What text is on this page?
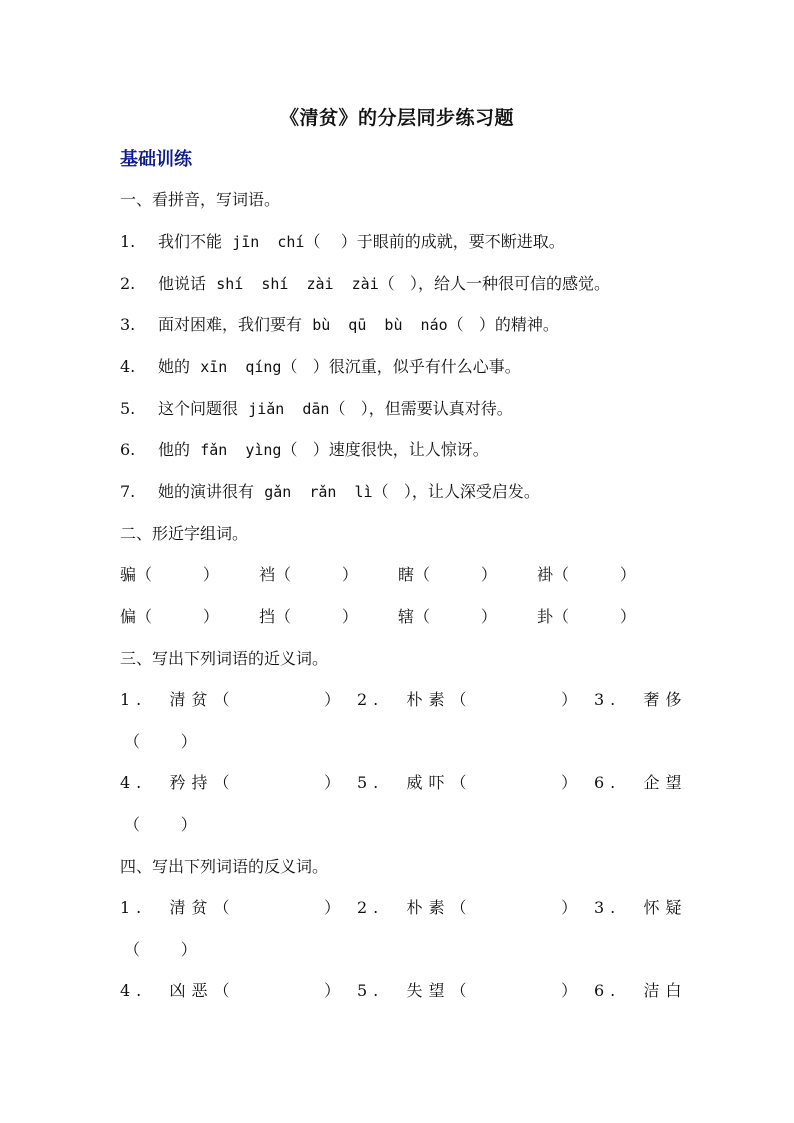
《清贫》的分层同步练习题
基础训练
一、看拼音，写词语。
1. 我们不能  jīn  chí（    ）于眼前的成就，要不断进取。
2. 他说话  shí  shí  zài  zài（   ），给人一种很可信的感觉。
3. 面对困难，我们要有  bù  qū  bù  náo（   ）的精神。
4. 她的  xīn  qíng（   ）很沉重，似乎有什么心事。
5. 这个问题很  jiǎn  dān（   ），但需要认真对待。
6. 他的  fǎn  yìng（   ）速度很快，让人惊讶。
7. 她的演讲很有  gǎn  rǎn  lì（   ），让人深受启发。
二、形近字组词。
骗（          ）	裆（          ）	瞎（          ）	褂（          ）
偏（          ）	挡（          ）	辖（          ）	卦（          ）
三、写出下列词语的近义词。
1.  清贫（        ） 2.  朴素（        ） 3.  奢侈
（        ）
4.  矜持（        ） 5.  威吓（        ） 6.  企望
（        ）
四、写出下列词语的反义词。
1.  清贫（        ） 2.  朴素（        ） 3.  怀疑
（        ）
4.  凶恶（        ） 5.  失望（        ） 6.  洁白
